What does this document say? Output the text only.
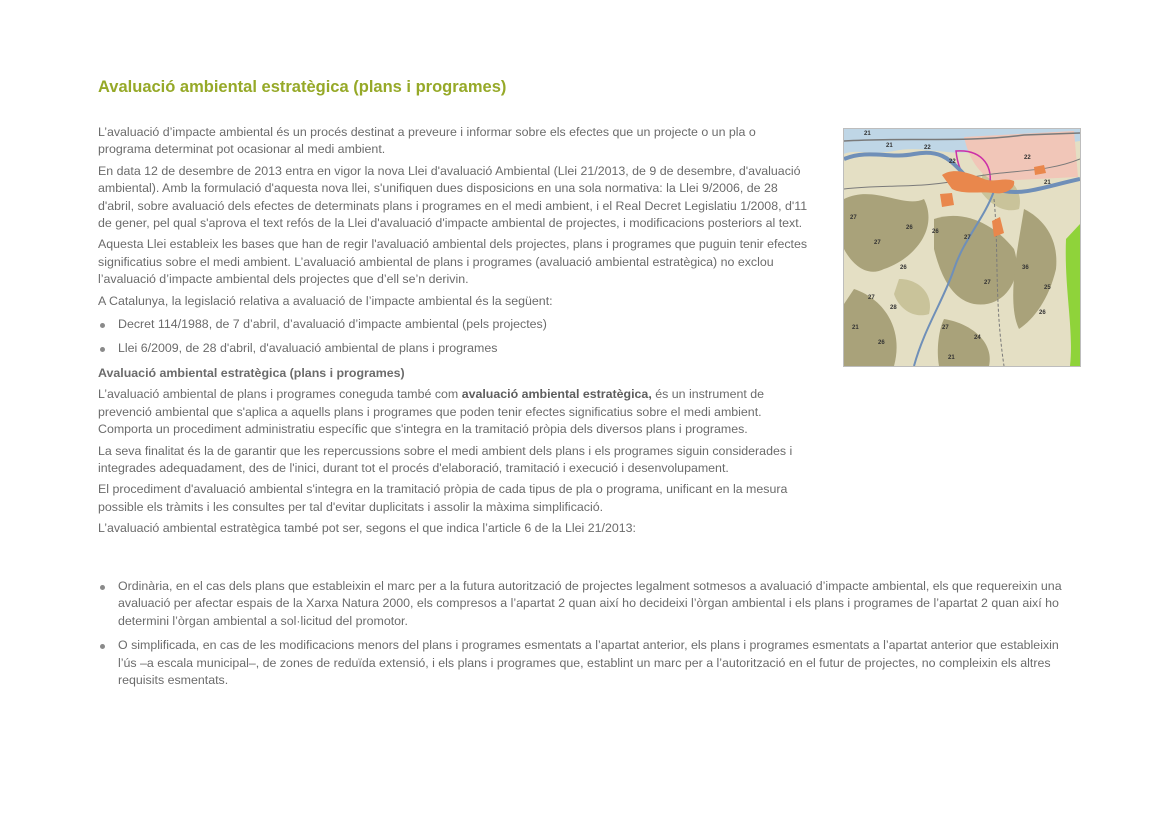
Avaluació ambiental estratègica (plans i programes)

L’avaluació d’impacte ambiental és un procés destinat a preveure i informar sobre els efectes que un projecte o un pla o programa determinat pot ocasionar al medi ambient.

En data 12 de desembre de 2013 entra en vigor la nova Llei d'avaluació Ambiental (Llei 21/2013, de 9 de desembre, d'avaluació ambiental). Amb la formulació d'aquesta nova llei, s'unifiquen dues disposicions en una sola normativa: la Llei 9/2006, de 28 d'abril, sobre avaluació dels efectes de determinats plans i programes en el medi ambient, i el Real Decret Legislatiu 1/2008, d'11 de gener, pel qual s'aprova el text refós de la Llei d'avaluació d'impacte ambiental de projectes, i modificacions posteriors al text.

Aquesta Llei estableix les bases que han de regir l'avaluació ambiental dels projectes, plans i programes que puguin tenir efectes significatius sobre el medi ambient. L’avaluació ambiental de plans i programes (avaluació ambiental estratègica) no exclou l’avaluació d’impacte ambiental dels projectes que d’ell se’n derivin.

A Catalunya, la legislació relativa a avaluació de l’impacte ambiental és la següent:

Decret 114/1988, de 7 d’abril, d’avaluació d’impacte ambiental (pels projectes)
Llei 6/2009, de 28 d'abril, d'avaluació ambiental de plans i programes

Avaluació ambiental estratègica (plans i programes)

L’avaluació ambiental de plans i programes coneguda també com avaluació ambiental estratègica, és un instrument de prevenció ambiental que s'aplica a aquells plans i programes que poden tenir efectes significatius sobre el medi ambient. Comporta un procediment administratiu específic que s'integra en la tramitació pròpia dels diversos plans i programes.

La seva finalitat és la de garantir que les repercussions sobre el medi ambient dels plans i els programes siguin considerades i integrades adequadament, des de l'inici, durant tot el procés d'elaboració, tramitació i execució i desenvolupament.

El procediment d'avaluació ambiental s'integra en la tramitació pròpia de cada tipus de pla o programa, unificant en la mesura possible els tràmits i les consultes per tal d'evitar duplicitats i assolir la màxima simplificació.

L’avaluació ambiental estratègica també pot ser, segons el que indica l’article 6 de la Llei 21/2013:

Ordinària, en el cas dels plans que estableixin el marc per a la futura autorització de projectes legalment sotmesos a avaluació d’impacte ambiental, els que requereixin una avaluació per afectar espais de la Xarxa Natura 2000, els compresos a l’apartat 2 quan així ho decideixi l’òrgan ambiental i els plans i programes de l’apartat 2 quan així ho determini l’òrgan ambiental a sol·licitud del promotor.
O simplificada, en cas de les modificacions menors del plans i programes esmentats a l’apartat anterior, els plans i programes esmentats a l’apartat anterior que estableixin l’ús –a escala municipal–, de zones de reduïda extensió, i els plans i programes que, establint un marc per a l’autorització en el futur de projectes, no compleixin els altres requisits esmentats.
21
21	22
22
22
21
27
27
26
26
27
26
27
28
21
26
27
24
25
26
36
27
21
